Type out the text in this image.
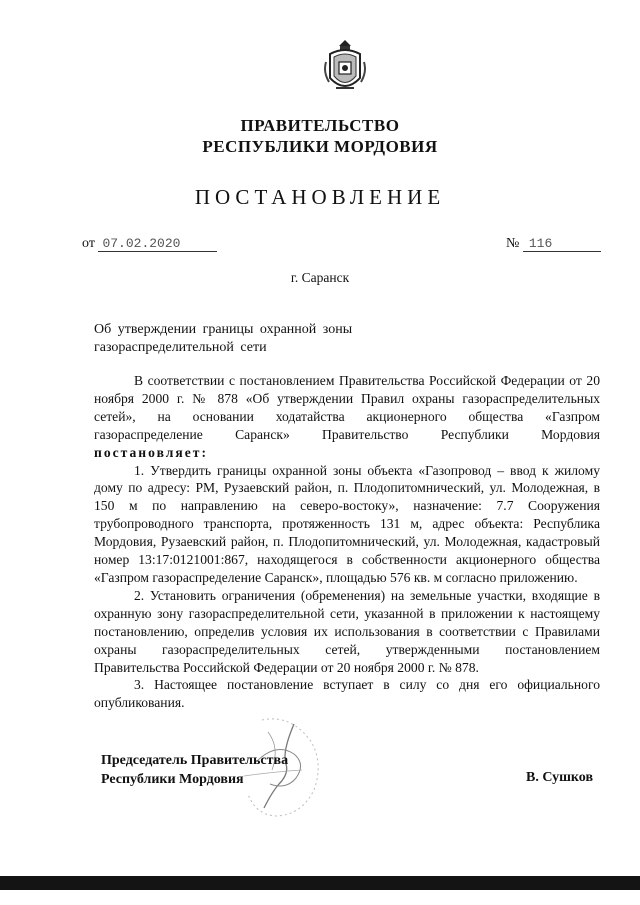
ПРАВИТЕЛЬСТВО
РЕСПУБЛИКИ МОРДОВИЯ
ПОСТАНОВЛЕНИЕ
от 07.02.2020	№ 116
г. Саранск
Об утверждении границы охранной зоны газораспределительной сети

В соответствии с постановлением Правительства Российской Федерации от 20 ноября 2000 г. № 878 «Об утверждении Правил охраны газораспределительных сетей», на основании ходатайства акционерного общества «Газпром газораспределение Саранск» Правительство Республики Мордовия постановляет:

1. Утвердить границы охранной зоны объекта «Газопровод – ввод к жилому дому по адресу: РМ, Рузаевский район, п. Плодопитомнический, ул. Молодежная, в 150 м по направлению на северо-востоку», назначение: 7.7 Сооружения трубопроводного транспорта, протяженность 131 м, адрес объекта: Республика Мордовия, Рузаевский район, п. Плодопитомнический, ул. Молодежная, кадастровый номер 13:17:0121001:867, находящегося в собственности акционерного общества «Газпром газораспределение Саранск», площадью 576 кв. м согласно приложению.

2. Установить ограничения (обременения) на земельные участки, входящие в охранную зону газораспределительной сети, указанной в приложении к настоящему постановлению, определив условия их использования в соответствии с Правилами охраны газораспределительных сетей, утвержденными постановлением Правительства Российской Федерации от 20 ноября 2000 г. № 878.

3. Настоящее постановление вступает в силу со дня его официального опубликования.

Председатель Правительства
Республики Мордовия	В. Сушков
